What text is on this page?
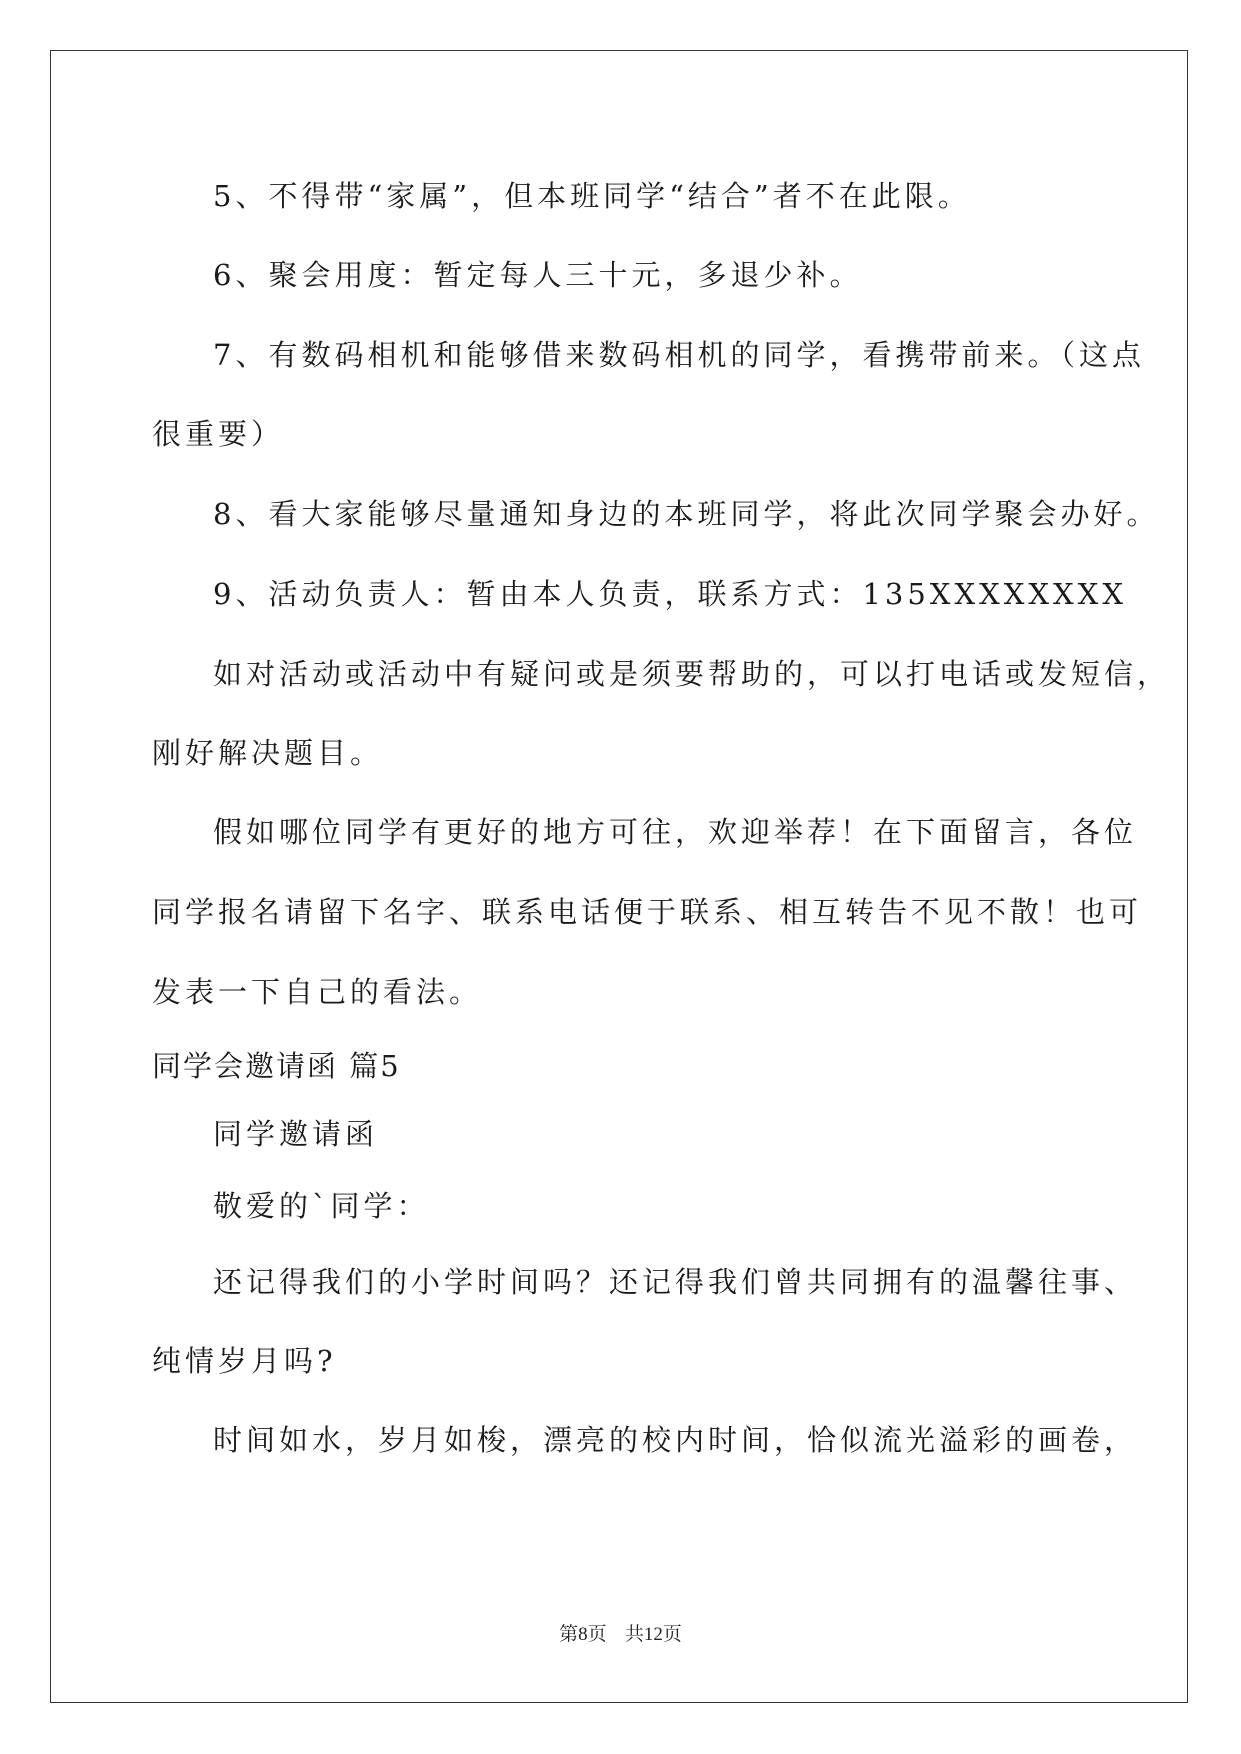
5、不得带“家属”，但本班同学“结合”者不在此限。
6、聚会用度：暂定每人三十元，多退少补。
7、有数码相机和能够借来数码相机的同学，看携带前来。（这点
很重要）
8、看大家能够尽量通知身边的本班同学，将此次同学聚会办好。
9、活动负责人：暂由本人负责，联系方式：135XXXXXXXX
如对活动或活动中有疑问或是须要帮助的，可以打电话或发短信，
刚好解决题目。
假如哪位同学有更好的地方可往，欢迎举荐！在下面留言，各位
同学报名请留下名字、联系电话便于联系、相互转告不见不散！也可
发表一下自己的看法。
同学会邀请函 篇5
同学邀请函
敬爱的`同学：
还记得我们的小学时间吗？还记得我们曾共同拥有的温馨往事、
纯情岁月吗?
时间如水，岁月如梭，漂亮的校内时间，恰似流光溢彩的画卷，
第8页 共12页
